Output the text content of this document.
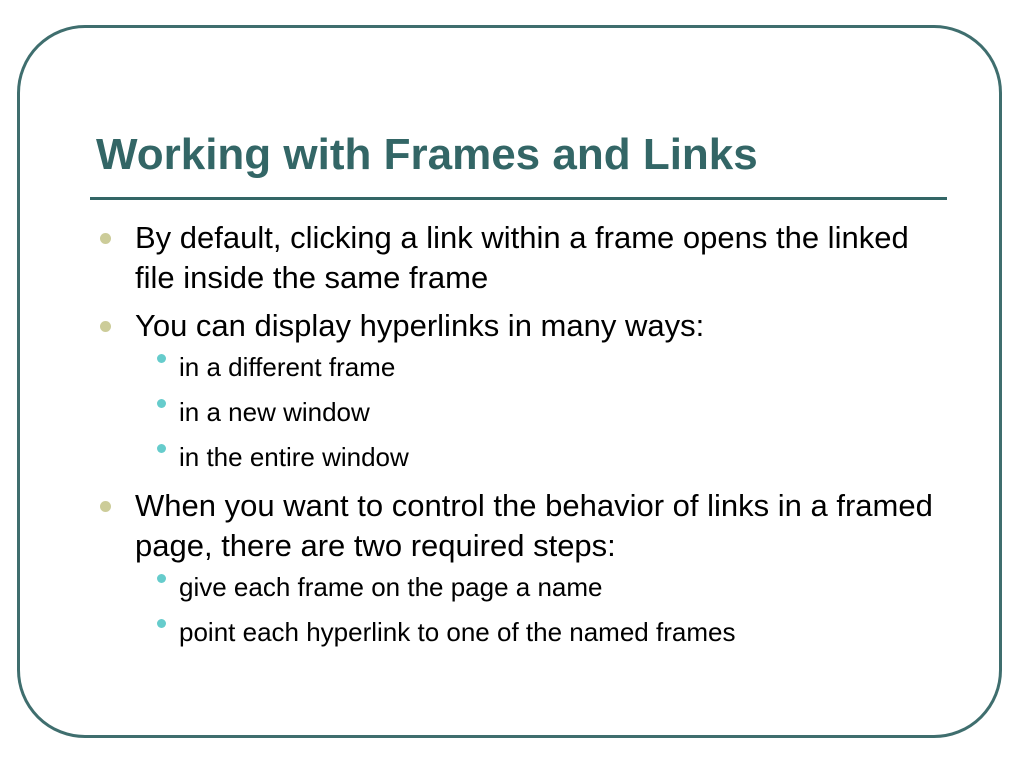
Working with Frames and Links
By default, clicking a link within a frame opens the linked file inside the same frame
You can display hyperlinks in many ways:
in a different frame
in a new window
in the entire window
When you want to control the behavior of links in a framed page, there are two required steps:
give each frame on the page a name
point each hyperlink to one of the named frames
